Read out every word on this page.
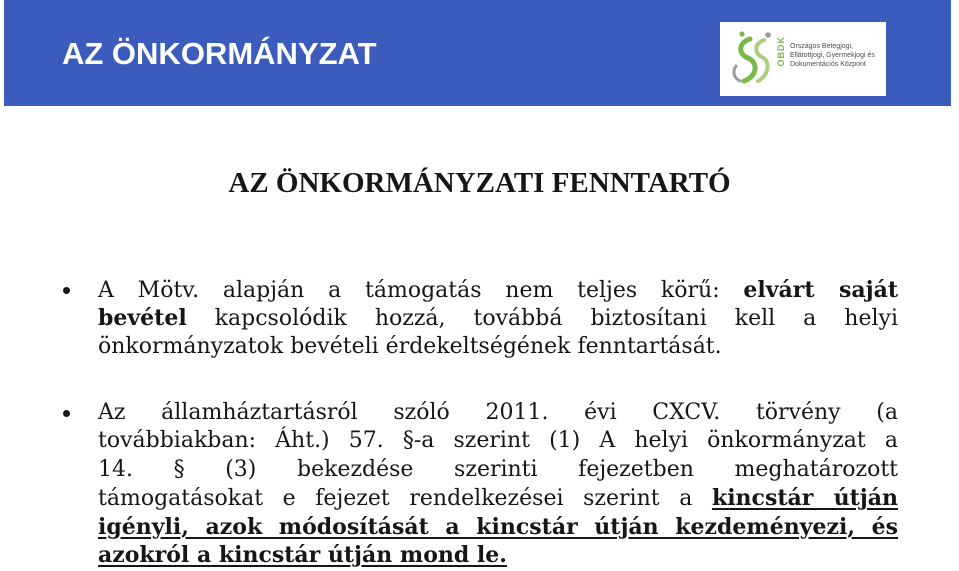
AZ ÖNKORMÁNYZAT	OBDK Országos Betegjogi,
Ellátottjogi, Gyermekjogi és
Dokumentációs Központ
AZ ÖNKORMÁNYZATI FENNTARTÓ
A Mötv. alapján a támogatás nem teljes körű: elvárt saját
bevétel kapcsolódik hozzá, továbbá biztosítani kell a helyi
önkormányzatok bevételi érdekeltségének fenntartását.
Az államháztartásról szóló 2011. évi CXCV. törvény (a
továbbiakban: Áht.) 57. §-a szerint (1) A helyi önkormányzat a
14. § (3) bekezdése szerinti fejezetben meghatározott
támogatásokat e fejezet rendelkezései szerint a kincstár útján
igényli, azok módosítását a kincstár útján kezdeményezi, és
azokról a kincstár útján mond le.
